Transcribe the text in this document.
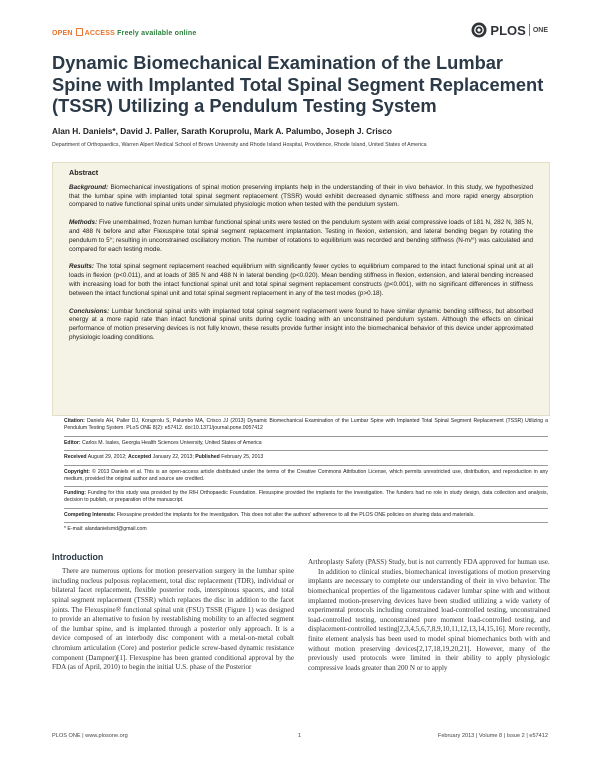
OPEN ACCESS Freely available online	PLOS ONE
Dynamic Biomechanical Examination of the Lumbar Spine with Implanted Total Spinal Segment Replacement (TSSR) Utilizing a Pendulum Testing System
Alan H. Daniels*, David J. Paller, Sarath Koruprolu, Mark A. Palumbo, Joseph J. Crisco
Department of Orthopaedics, Warren Alpert Medical School of Brown University and Rhode Island Hospital, Providence, Rhode Island, United States of America
Abstract

Background: Biomechanical investigations of spinal motion preserving implants help in the understanding of their in vivo behavior. In this study, we hypothesized that the lumbar spine with implanted total spinal segment replacement (TSSR) would exhibit decreased dynamic stiffness and more rapid energy absorption compared to native functional spinal units under simulated physiologic motion when tested with the pendulum system.

Methods: Five unembalmed, frozen human lumbar functional spinal units were tested on the pendulum system with axial compressive loads of 181 N, 282 N, 385 N, and 488 N before and after Flexuspine total spinal segment replacement implantation. Testing in flexion, extension, and lateral bending began by rotating the pendulum to 5°; resulting in unconstrained oscillatory motion. The number of rotations to equilibrium was recorded and bending stiffness (N-m/°) was calculated and compared for each testing mode.

Results: The total spinal segment replacement reached equilibrium with significantly fewer cycles to equilibrium compared to the intact functional spinal unit at all loads in flexion (p<0.011), and at loads of 385 N and 488 N in lateral bending (p<0.020). Mean bending stiffness in flexion, extension, and lateral bending increased with increasing load for both the intact functional spinal unit and total spinal segment replacement constructs (p<0.001), with no significant differences in stiffness between the intact functional spinal unit and total spinal segment replacement in any of the test modes (p>0.18).

Conclusions: Lumbar functional spinal units with implanted total spinal segment replacement were found to have similar dynamic bending stiffness, but absorbed energy at a more rapid rate than intact functional spinal units during cyclic loading with an unconstrained pendulum system. Although the effects on clinical performance of motion preserving devices is not fully known, these results provide further insight into the biomechanical behavior of this device under approximated physiologic loading conditions.

Citation: Daniels AH, Paller DJ, Koruprolu S, Palumbo MA, Crisco JJ (2013) Dynamic Biomechanical Examination of the Lumbar Spine with Implanted Total Spinal Segment Replacement (TSSR) Utilizing a Pendulum Testing System. PLoS ONE 8(2): e57412. doi:10.1371/journal.pone.0057412

Editor: Carlos M. Isales, Georgia Health Sciences University, United States of America

Received August 29, 2012; Accepted January 22, 2013; Published February 25, 2013

Copyright: © 2013 Daniels et al. This is an open-access article distributed under the terms of the Creative Commons Attribution License, which permits unrestricted use, distribution, and reproduction in any medium, provided the original author and source are credited.

Funding: Funding for this study was provided by the RIH Orthopaedic Foundation. Flexuspine provided the implants for the investigation. The funders had no role in study design, data collection and analysis, decision to publish, or preparation of the manuscript.

Competing Interests: Flexuspine provided the implants for the investigation. This does not alter the authors' adherence to all the PLOS ONE policies on sharing data and materials.

* E-mail: alandanielsmd@gmail.com

Introduction

There are numerous options for motion preservation surgery in the lumbar spine including nucleus pulposus replacement, total disc replacement (TDR), individual or bilateral facet replacement, flexible posterior rods, interspinous spacers, and total spinal segment replacement (TSSR) which replaces the disc in addition to the facet joints. The Flexuspine® functional spinal unit (FSU) TSSR (Figure 1) was designed to provide an alternative to fusion by reestablishing mobility to an affected segment of the lumbar spine, and is implanted through a posterior only approach. It is a device composed of an interbody disc component with a metal-on-metal cobalt chromium articulation (Core) and posterior pedicle screw-based dynamic resistance component (Dampner)[1]. Flexuspine has been granted conditional approval by the FDA (as of April, 2010) to begin the initial U.S. phase of the Posterior

Arthroplasty Safety (PASS) Study, but is not currently FDA approved for human use.

In addition to clinical studies, biomechanical investigations of motion preserving implants are necessary to complete our understanding of their in vivo behavior. The biomechanical properties of the ligamentous cadaver lumbar spine with and without implanted motion-preserving devices have been studied utilizing a wide variety of experimental protocols including constrained load-controlled testing, unconstrained load-controlled testing, unconstrained pure moment load-controlled testing, and displacement-controlled testing[2,3,4,5,6,7,8,9,10,11,12,13,14,15,16]. More recently, finite element analysis has been used to model spinal biomechanics both with and without motion preserving devices[2,17,18,19,20,21]. However, many of the previously used protocols were limited in their ability to apply physiologic compressive loads greater than 200 N or to apply

PLOS ONE | www.plosone.org	1	February 2013 | Volume 8 | Issue 2 | e57412
